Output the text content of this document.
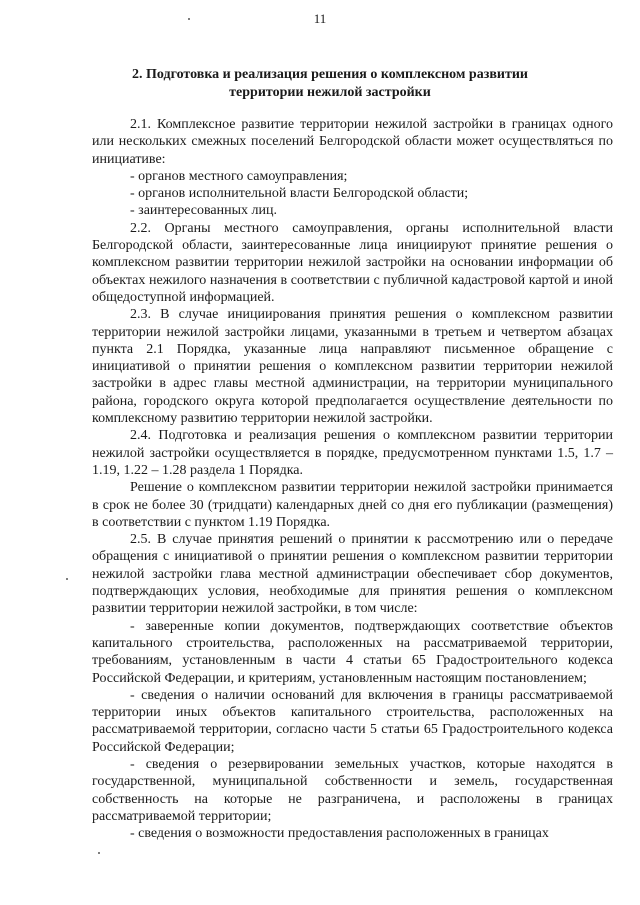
11
2. Подготовка и реализация решения о комплексном развитии территории нежилой застройки

2.1. Комплексное развитие территории нежилой застройки в границах одного или нескольких смежных поселений Белгородской области может осуществляться по инициативе:

- органов местного самоуправления;

- органов исполнительной власти Белгородской области;

- заинтересованных лиц.

2.2. Органы местного самоуправления, органы исполнительной власти Белгородской области, заинтересованные лица инициируют принятие решения о комплексном развитии территории нежилой застройки на основании информации об объектах нежилого назначения в соответствии с публичной кадастровой картой и иной общедоступной информацией.

2.3. В случае инициирования принятия решения о комплексном развитии территории нежилой застройки лицами, указанными в третьем и четвертом абзацах пункта 2.1 Порядка, указанные лица направляют письменное обращение с инициативой о принятии решения о комплексном развитии территории нежилой застройки в адрес главы местной администрации, на территории муниципального района, городского округа которой предполагается осуществление деятельности по комплексному развитию территории нежилой застройки.

2.4. Подготовка и реализация решения о комплексном развитии территории нежилой застройки осуществляется в порядке, предусмотренном пунктами 1.5, 1.7 – 1.19, 1.22 – 1.28 раздела 1 Порядка.

Решение о комплексном развитии территории нежилой застройки принимается в срок не более 30 (тридцати) календарных дней со дня его публикации (размещения) в соответствии с пунктом 1.19 Порядка.

2.5. В случае принятия решений о принятии к рассмотрению или о передаче обращения с инициативой о принятии решения о комплексном развитии территории нежилой застройки глава местной администрации обеспечивает сбор документов, подтверждающих условия, необходимые для принятия решения о комплексном развитии территории нежилой застройки, в том числе:

- заверенные копии документов, подтверждающих соответствие объектов капитального строительства, расположенных на рассматриваемой территории, требованиям, установленным в части 4 статьи 65 Градостроительного кодекса Российской Федерации, и критериям, установленным настоящим постановлением;

- сведения о наличии оснований для включения в границы рассматриваемой территории иных объектов капитального строительства, расположенных на рассматриваемой территории, согласно части 5 статьи 65 Градостроительного кодекса Российской Федерации;

- сведения о резервировании земельных участков, которые находятся в государственной, муниципальной собственности и земель, государственная собственность на которые не разграничена, и расположены в границах рассматриваемой территории;

- сведения о возможности предоставления расположенных в границах
